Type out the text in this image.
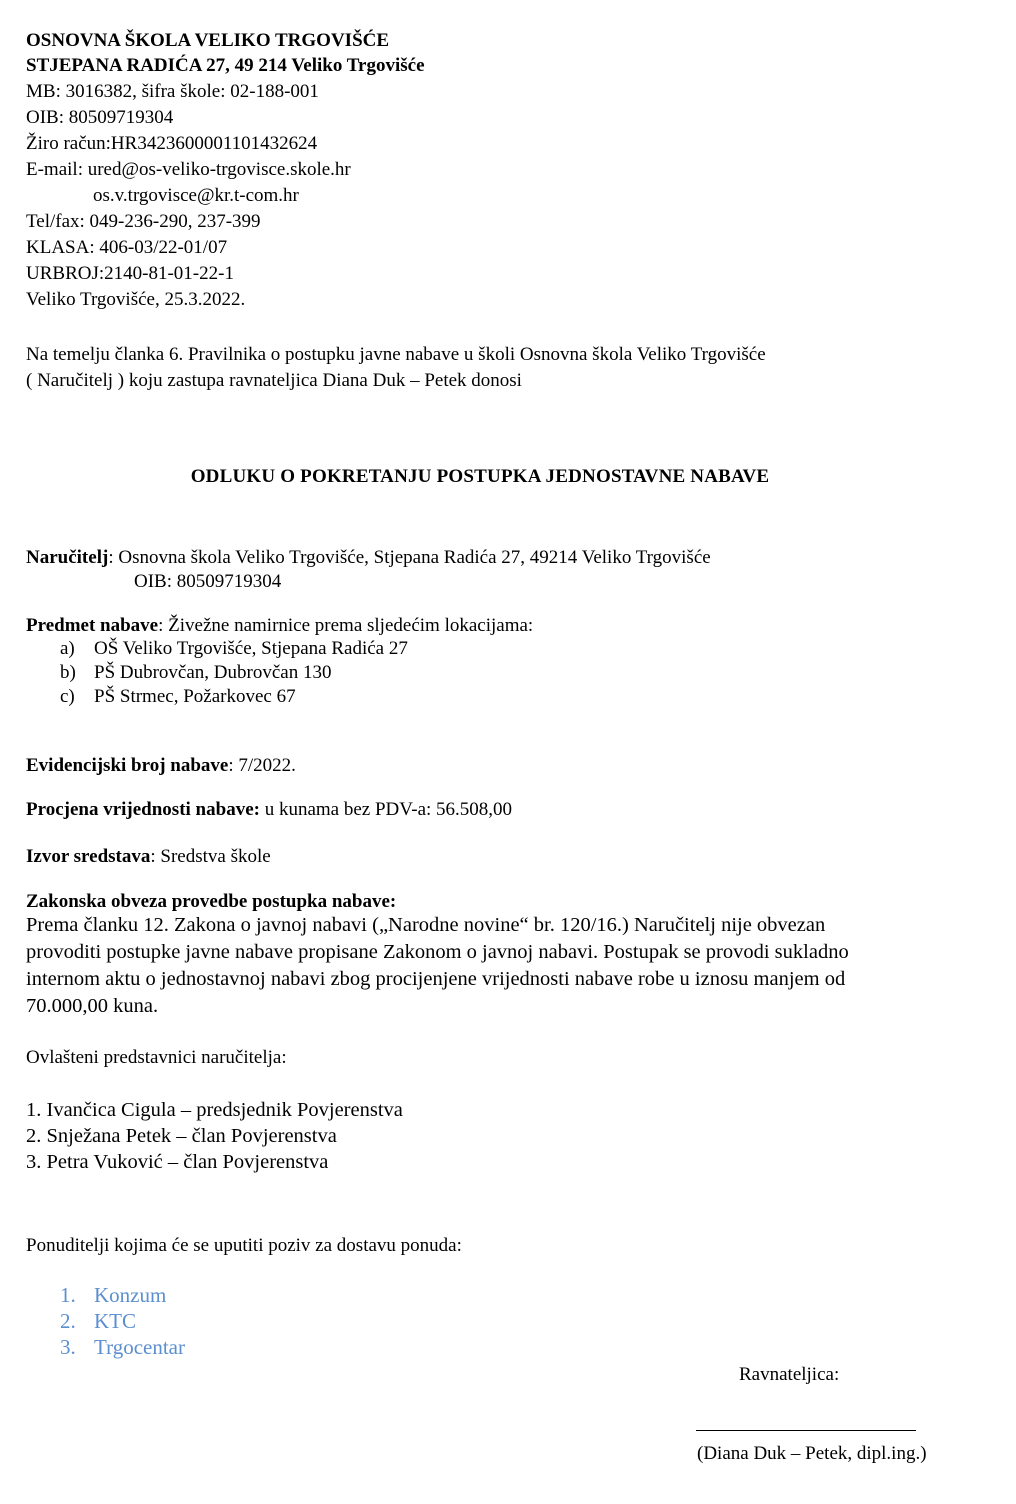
OSNOVNA ŠKOLA VELIKO TRGOVIŠĆE
STJEPANA RADIĆA 27, 49 214 Veliko Trgovišće
MB: 3016382, šifra škole: 02-188-001
OIB: 80509719304
Žiro račun:HR3423600001101432624
E-mail: ured@os-veliko-trgovisce.skole.hr
os.v.trgovisce@kr.t-com.hr
Tel/fax: 049-236-290, 237-399
KLASA: 406-03/22-01/07
URBROJ:2140-81-01-22-1
Veliko Trgovišće, 25.3.2022.
Na temelju članka 6. Pravilnika o postupku javne nabave u školi Osnovna škola Veliko Trgovišće
( Naručitelj ) koju zastupa ravnateljica Diana Duk – Petek donosi
ODLUKU O POKRETANJU POSTUPKA JEDNOSTAVNE NABAVE
Naručitelj: Osnovna škola Veliko Trgovišće, Stjepana Radića 27, 49214 Veliko Trgovišće
OIB: 80509719304
Predmet nabave: Živežne namirnice prema sljedećim lokacijama:
a) OŠ Veliko Trgovišće, Stjepana Radića 27
b) PŠ Dubrovčan, Dubrovčan 130
c) PŠ Strmec, Požarkovec 67
Evidencijski broj nabave: 7/2022.
Procjena vrijednosti nabave: u kunama bez PDV-a: 56.508,00
Izvor sredstava: Sredstva škole
Zakonska obveza provedbe postupka nabave:
Prema članku 12. Zakona o javnoj nabavi („Narodne novine“ br. 120/16.) Naručitelj nije obvezan
provoditi postupke javne nabave propisane Zakonom o javnoj nabavi. Postupak se provodi sukladno
internom aktu o jednostavnoj nabavi zbog procijenjene vrijednosti nabave robe u iznosu manjem od
70.000,00 kuna.
Ovlašteni predstavnici naručitelja:
1. Ivančica Cigula – predsjednik Povjerenstva
2. Snježana Petek – član Povjerenstva
3. Petra Vuković – član Povjerenstva
Ponuditelji kojima će se uputiti poziv za dostavu ponuda:
1. Konzum
2. KTC
3. Trgocentar
Ravnateljica:
(Diana Duk – Petek, dipl.ing.)
